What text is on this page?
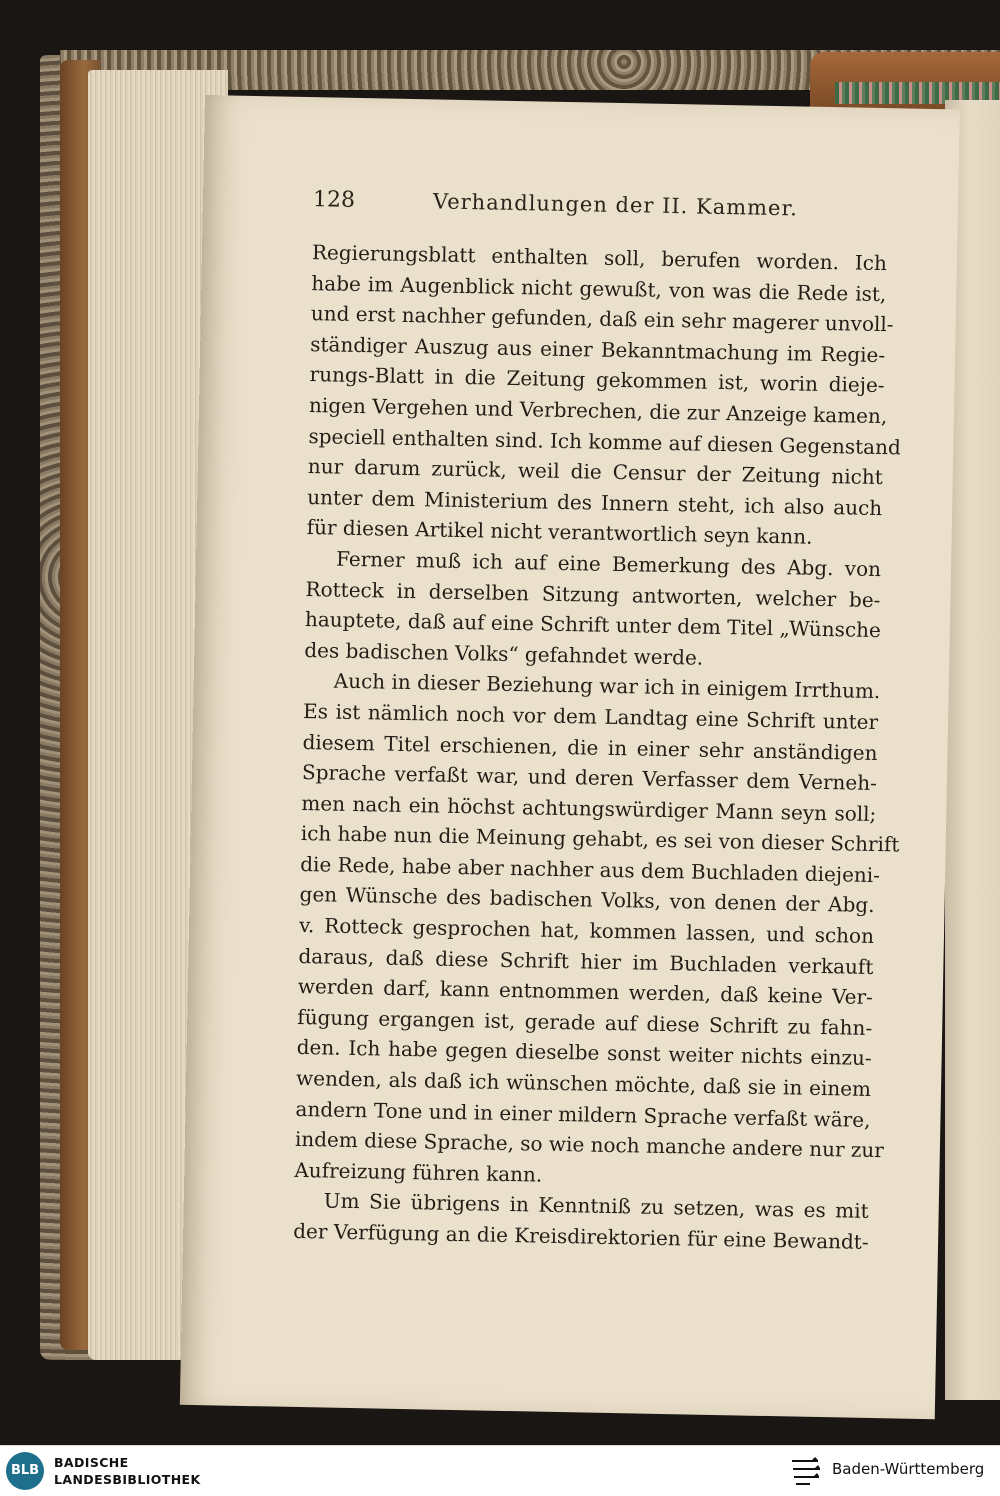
128	Verhandlungen der II. Kammer.
Regierungsblatt enthalten soll, berufen worden. Ich
habe im Augenblick nicht gewußt, von was die Rede ist,
und erst nachher gefunden, daß ein sehr magerer unvoll-
ständiger Auszug aus einer Bekanntmachung im Regie-
rungs-Blatt in die Zeitung gekommen ist, worin dieje-
nigen Vergehen und Verbrechen, die zur Anzeige kamen,
speciell enthalten sind. Ich komme auf diesen Gegenstand
nur darum zurück, weil die Censur der Zeitung nicht
unter dem Ministerium des Innern steht, ich also auch
für diesen Artikel nicht verantwortlich seyn kann.
Ferner muß ich auf eine Bemerkung des Abg. von
Rotteck in derselben Sitzung antworten, welcher be-
hauptete, daß auf eine Schrift unter dem Titel „Wünsche
des badischen Volks“ gefahndet werde.
Auch in dieser Beziehung war ich in einigem Irrthum.
Es ist nämlich noch vor dem Landtag eine Schrift unter
diesem Titel erschienen, die in einer sehr anständigen
Sprache verfaßt war, und deren Verfasser dem Verneh-
men nach ein höchst achtungswürdiger Mann seyn soll;
ich habe nun die Meinung gehabt, es sei von dieser Schrift
die Rede, habe aber nachher aus dem Buchladen diejeni-
gen Wünsche des badischen Volks, von denen der Abg.
v. Rotteck gesprochen hat, kommen lassen, und schon
daraus, daß diese Schrift hier im Buchladen verkauft
werden darf, kann entnommen werden, daß keine Ver-
fügung ergangen ist, gerade auf diese Schrift zu fahn-
den. Ich habe gegen dieselbe sonst weiter nichts einzu-
wenden, als daß ich wünschen möchte, daß sie in einem
andern Tone und in einer mildern Sprache verfaßt wäre,
indem diese Sprache, so wie noch manche andere nur zur
Aufreizung führen kann.
Um Sie übrigens in Kenntniß zu setzen, was es mit
der Verfügung an die Kreisdirektorien für eine Bewandt-
BLB
BADISCHE
LANDESBIBLIOTHEK
Baden-Württemberg
